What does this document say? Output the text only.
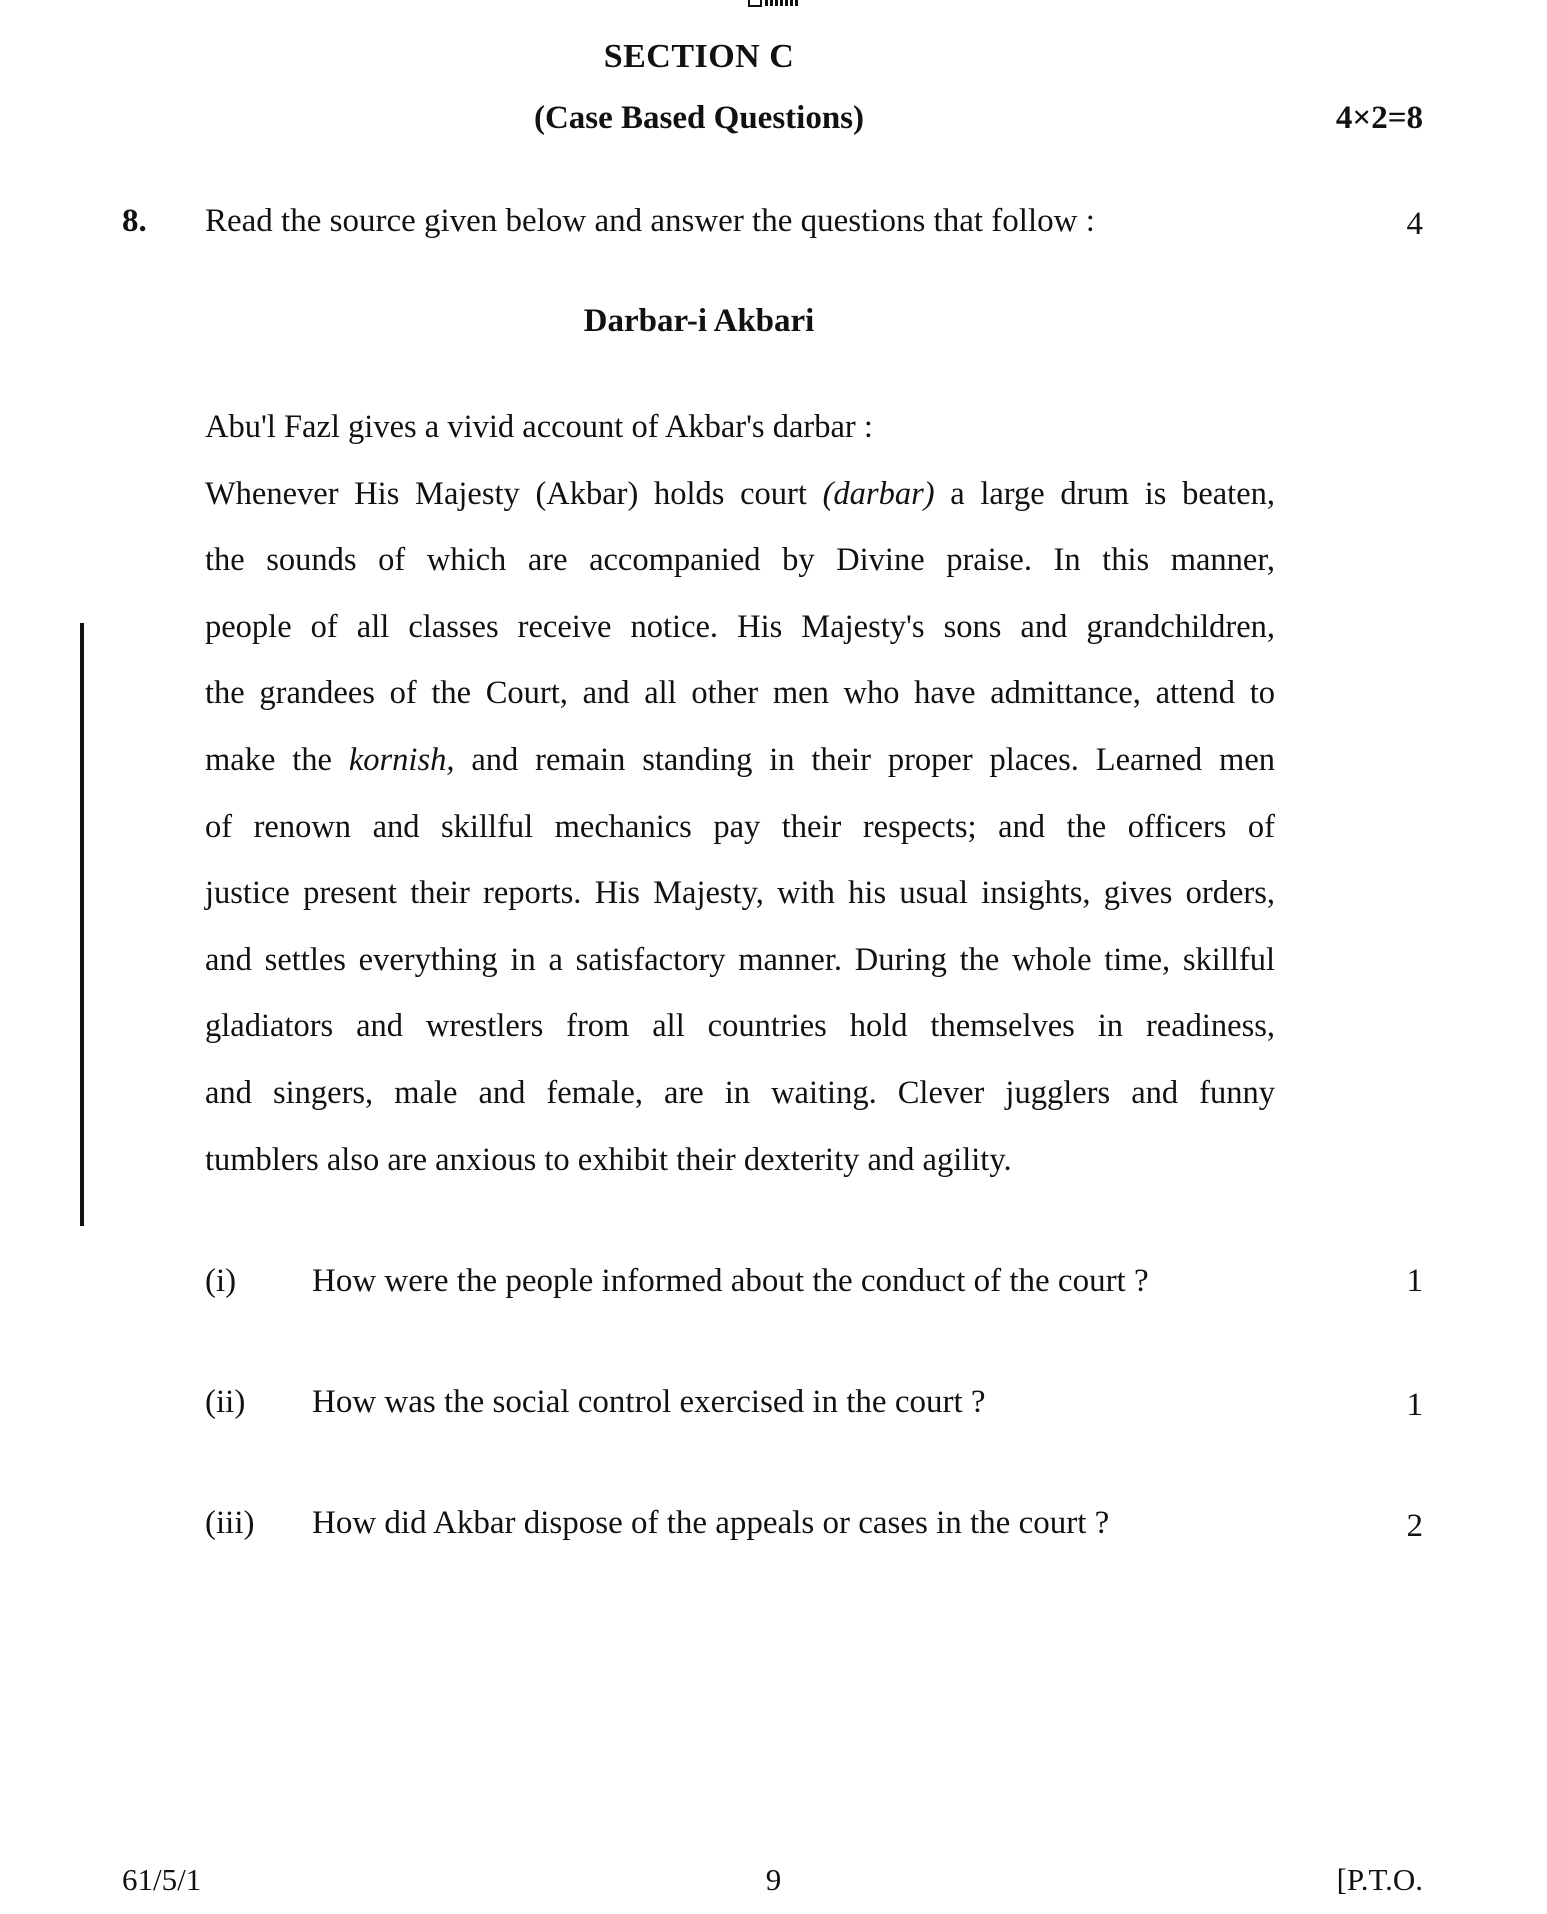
SECTION C
(Case Based Questions)	4×2=8
8. Read the source given below and answer the questions that follow :	4
Darbar-i Akbari
Abu'l Fazl gives a vivid account of Akbar's darbar :
Whenever His Majesty (Akbar) holds court (darbar) a large drum is beaten,
the sounds of which are accompanied by Divine praise. In this manner,
people of all classes receive notice. His Majesty's sons and grandchildren,
the grandees of the Court, and all other men who have admittance, attend to
make the kornish, and remain standing in their proper places. Learned men
of renown and skillful mechanics pay their respects; and the officers of
justice present their reports. His Majesty, with his usual insights, gives orders,
and settles everything in a satisfactory manner. During the whole time, skillful
gladiators and wrestlers from all countries hold themselves in readiness,
and singers, male and female, are in waiting. Clever jugglers and funny
tumblers also are anxious to exhibit their dexterity and agility.
(i) How were the people informed about the conduct of the court ?	1
(ii) How was the social control exercised in the court ?	1
(iii) How did Akbar dispose of the appeals or cases in the court ?	2
61/5/1	9	[P.T.O.
